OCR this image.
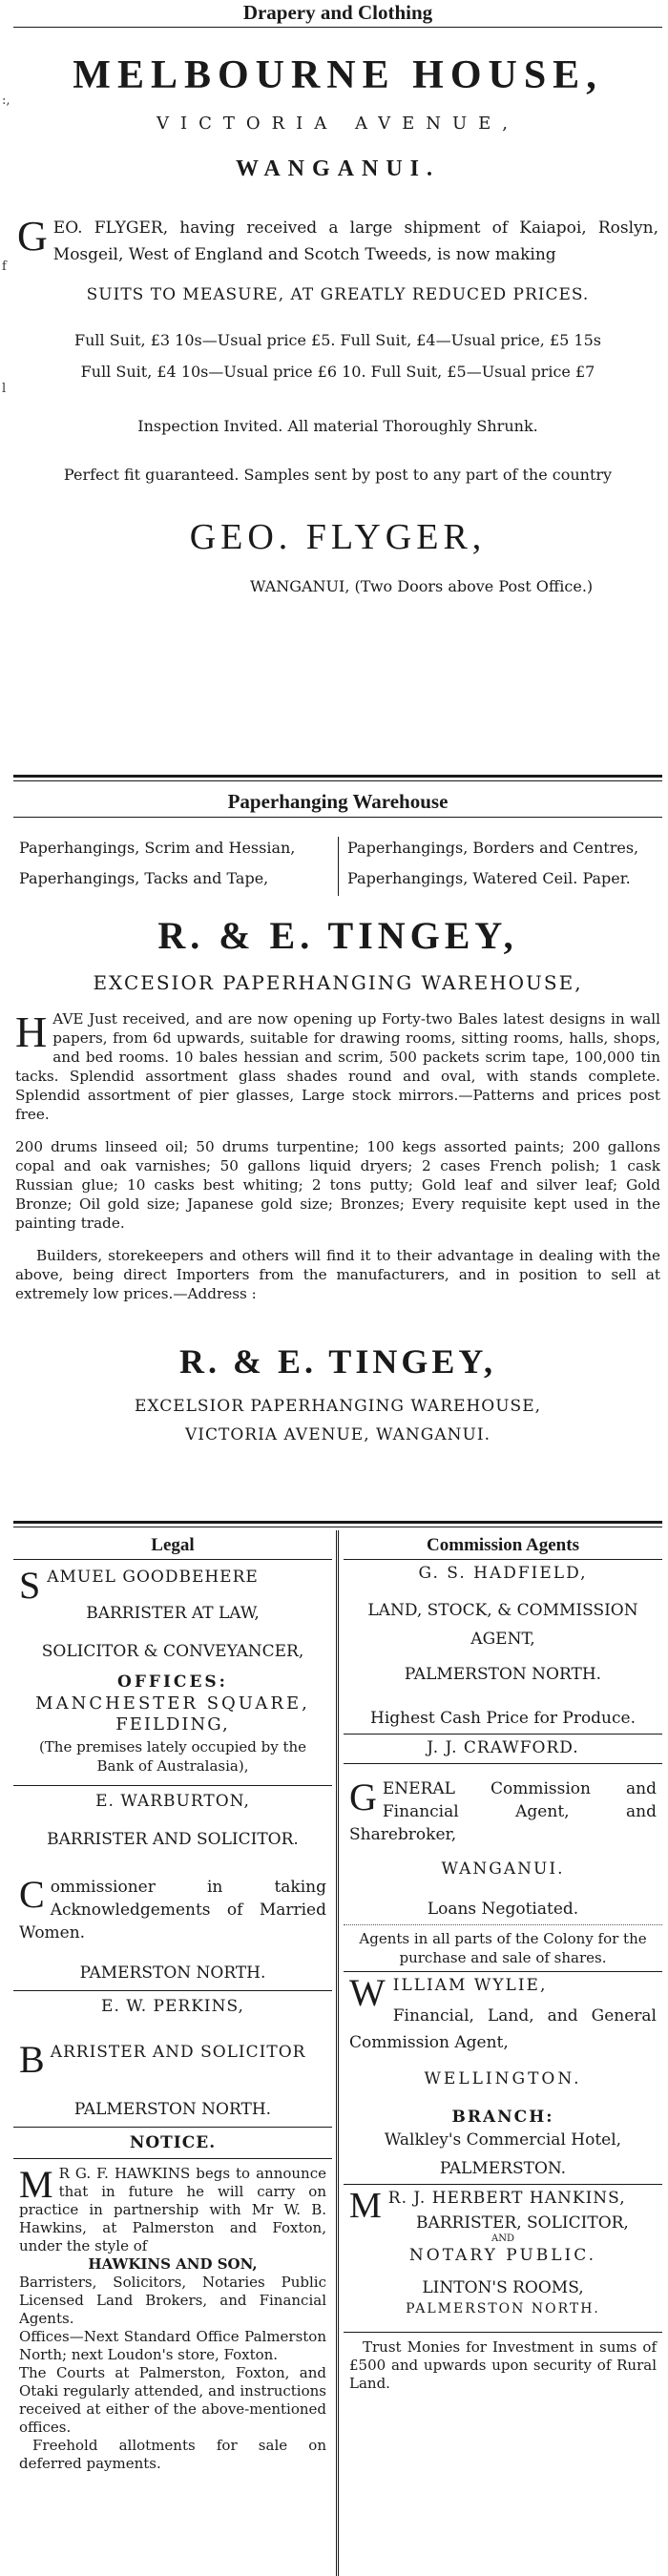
:,
f
l
Drapery and Clothing
MELBOURNE HOUSE,
VICTORIA AVENUE,
WANGANUI.
GEO. FLYGER, having received a large shipment of Kaiapoi, Roslyn, Mosgeil, West of England and Scotch Tweeds, is now making
SUITS TO MEASURE, AT GREATLY REDUCED PRICES.
Full Suit, £3 10s—Usual price £5. Full Suit, £4—Usual price, £5 15s
Full Suit, £4 10s—Usual price £6 10. Full Suit, £5—Usual price £7
Inspection Invited. All material Thoroughly Shrunk.
Perfect fit guaranteed. Samples sent by post to any part of the country
GEO. FLYGER,
WANGANUI, (Two Doors above Post Office.)
Paperhanging Warehouse
Paperhangings, Scrim and Hessian,
Paperhangings, Tacks and Tape,
Paperhangings, Borders and Centres,
Paperhangings, Watered Ceil. Paper.
R. & E. TINGEY,
EXCESIOR PAPERHANGING WAREHOUSE,
HAVE Just received, and are now opening up Forty-two Bales latest designs in wall papers, from 6d upwards, suitable for drawing rooms, sitting rooms, halls, shops, and bed rooms. 10 bales hessian and scrim, 500 packets scrim tape, 100,000 tin tacks. Splendid assortment glass shades round and oval, with stands complete. Splendid assortment of pier glasses, Large stock mirrors.—Patterns and prices post free.
200 drums linseed oil; 50 drums turpentine; 100 kegs assorted paints; 200 gallons copal and oak varnishes; 50 gallons liquid dryers; 2 cases French polish; 1 cask Russian glue; 10 casks best whiting; 2 tons putty; Gold leaf and silver leaf; Gold Bronze; Oil gold size; Japanese gold size; Bronzes; Every requisite kept used in the painting trade.
Builders, storekeepers and others will find it to their advantage in dealing with the above, being direct Importers from the manufacturers, and in position to sell at extremely low prices.—Address :
R. & E. TINGEY,
EXCELSIOR PAPERHANGING WAREHOUSE,
VICTORIA AVENUE, WANGANUI.
Legal
SAMUEL GOODBEHERE
BARRISTER AT LAW,
SOLICITOR & CONVEYANCER,
OFFICES:
MANCHESTER SQUARE,
FEILDING,
(The premises lately occupied by the Bank of Australasia),
E. WARBURTON,
BARRISTER AND SOLICITOR.
Commissioner in taking Acknowledgements of Married Women.
PAMERSTON NORTH.
E. W. PERKINS,
BARRISTER AND SOLICITOR
PALMERSTON NORTH.
NOTICE.
M R G. F. HAWKINS begs to announce that in future he will carry on practice in partnership with Mr W. B. Hawkins, at Palmerston and Foxton, under the style of
HAWKINS AND SON,
Barristers, Solicitors, Notaries Public Licensed Land Brokers, and Financial Agents.
Offices—Next Standard Office Palmerston North; next Loudon's store, Foxton.
The Courts at Palmerston, Foxton, and Otaki regularly attended, and instructions received at either of the above-mentioned offices.
Freehold allotments for sale on deferred payments.
Commission Agents
G. S. HADFIELD,
LAND, STOCK, & COMMISSION AGENT,
PALMERSTON NORTH.
Highest Cash Price for Produce.
J. J. CRAWFORD.
GENERAL Commission and Financial Agent, and Sharebroker,
WANGANUI.
Loans Negotiated.
Agents in all parts of the Colony for the purchase and sale of shares.
WILLIAM WYLIE,
Financial, Land, and General Commission Agent,
WELLINGTON.
BRANCH:
Walkley's Commercial Hotel,
PALMERSTON.
M R. J. HERBERT HANKINS,
BARRISTER, SOLICITOR,
AND
NOTARY PUBLIC.
LINTON'S ROOMS,
PALMERSTON NORTH.
Trust Monies for Investment in sums of £500 and upwards upon security of Rural Land.
